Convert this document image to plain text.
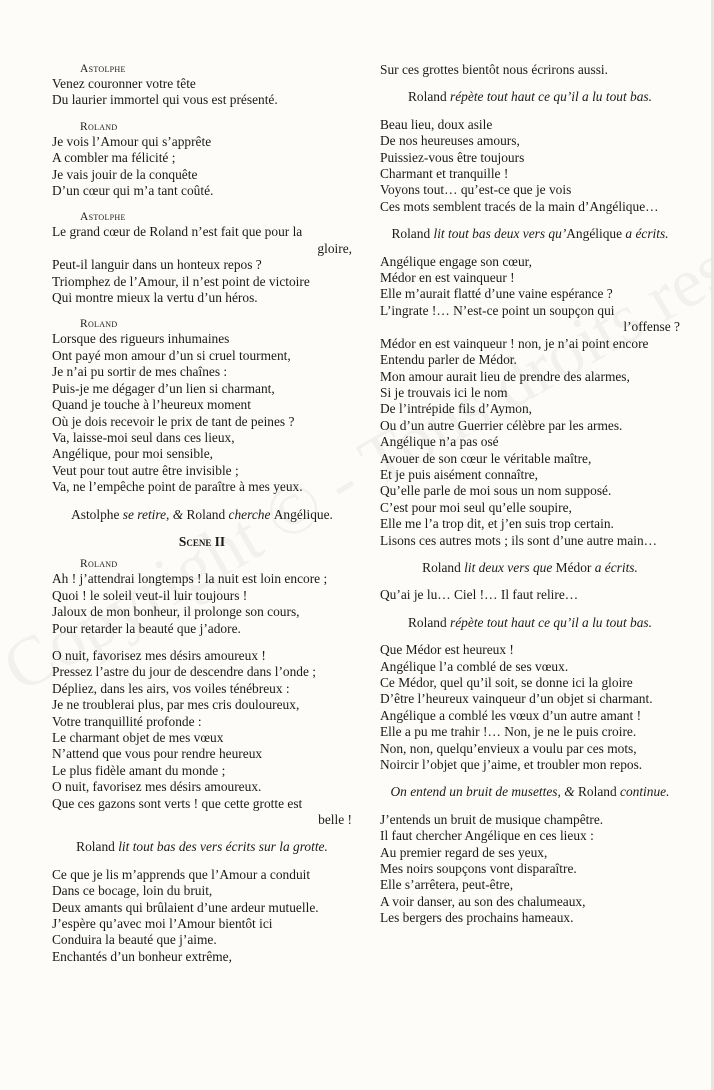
Astolphe
Venez couronner votre tête
Du laurier immortel qui vous est présenté.
Roland
Je vois l’Amour qui s’apprête
A combler ma félicité ;
Je vais jouir de la conquête
D’un cœur qui m’a tant coûté.
Astolphe
Le grand cœur de Roland n’est fait que pour la
gloire,
Peut-il languir dans un honteux repos ?
Triomphez de l’Amour, il n’est point de victoire
Qui montre mieux la vertu d’un héros.
Roland
Lorsque des rigueurs inhumaines
Ont payé mon amour d’un si cruel tourment,
Je n’ai pu sortir de mes chaînes :
Puis-je me dégager d’un lien si charmant,
Quand je touche à l’heureux moment
Où je dois recevoir le prix de tant de peines ?
Va, laisse-moi seul dans ces lieux,
Angélique, pour moi sensible,
Veut pour tout autre être invisible ;
Va, ne l’empêche point de paraître à mes yeux.
Astolphe se retire, & Roland cherche Angélique.
Scene II
Roland
Ah ! j’attendrai longtemps ! la nuit est loin encore ;
Quoi ! le soleil veut-il luir toujours !
Jaloux de mon bonheur, il prolonge son cours,
Pour retarder la beauté que j’adore.
O nuit, favorisez mes désirs amoureux !
Pressez l’astre du jour de descendre dans l’onde ;
Dépliez, dans les airs, vos voiles ténébreux :
Je ne troublerai plus, par mes cris douloureux,
Votre tranquillité profonde :
Le charmant objet de mes vœux
N’attend que vous pour rendre heureux
Le plus fidèle amant du monde ;
O nuit, favorisez mes désirs amoureux.
Que ces gazons sont verts ! que cette grotte est
belle !
Roland lit tout bas des vers écrits sur la grotte.
Ce que je lis m’apprends que l’Amour a conduit
Dans ce bocage, loin du bruit,
Deux amants qui brûlaient d’une ardeur mutuelle.
J’espère qu’avec moi l’Amour bientôt ici
Conduira la beauté que j’aime.
Enchantés d’un bonheur extrême,
Sur ces grottes bientôt nous écrirons aussi.
Roland répète tout haut ce qu’il a lu tout bas.
Beau lieu, doux asile
De nos heureuses amours,
Puissiez-vous être toujours
Charmant et tranquille !
Voyons tout… qu’est-ce que je vois
Ces mots semblent tracés de la main d’Angélique…
Roland lit tout bas deux vers qu’Angélique a écrits.
Angélique engage son cœur,
Médor en est vainqueur !
Elle m’aurait flatté d’une vaine espérance ?
L’ingrate !… N’est-ce point un soupçon qui
l’offense ?
Médor en est vainqueur ! non, je n’ai point encore
Entendu parler de Médor.
Mon amour aurait lieu de prendre des alarmes,
Si je trouvais ici le nom
De l’intrépide fils d’Aymon,
Ou d’un autre Guerrier célèbre par les armes.
Angélique n’a pas osé
Avouer de son cœur le véritable maître,
Et je puis aisément connaître,
Qu’elle parle de moi sous un nom supposé.
C’est pour moi seul qu’elle soupire,
Elle me l’a trop dit, et j’en suis trop certain.
Lisons ces autres mots ; ils sont d’une autre main…
Roland lit deux vers que Médor a écrits.
Qu’ai je lu… Ciel !… Il faut relire…
Roland répète tout haut ce qu’il a lu tout bas.
Que Médor est heureux !
Angélique l’a comblé de ses vœux.
Ce Médor, quel qu’il soit, se donne ici la gloire
D’être l’heureux vainqueur d’un objet si charmant.
Angélique a comblé les vœux d’un autre amant !
Elle a pu me trahir !… Non, je ne le puis croire.
Non, non, quelqu’envieux a voulu par ces mots,
Noircir l’objet que j’aime, et troubler mon repos.
On entend un bruit de musettes, & Roland continue.
J’entends un bruit de musique champêtre.
Il faut chercher Angélique en ces lieux :
Au premier regard de ses yeux,
Mes noirs soupçons vont disparaître.
Elle s’arrêtera, peut-être,
A voir danser, au son des chalumeaux,
Les bergers des prochains hameaux.
